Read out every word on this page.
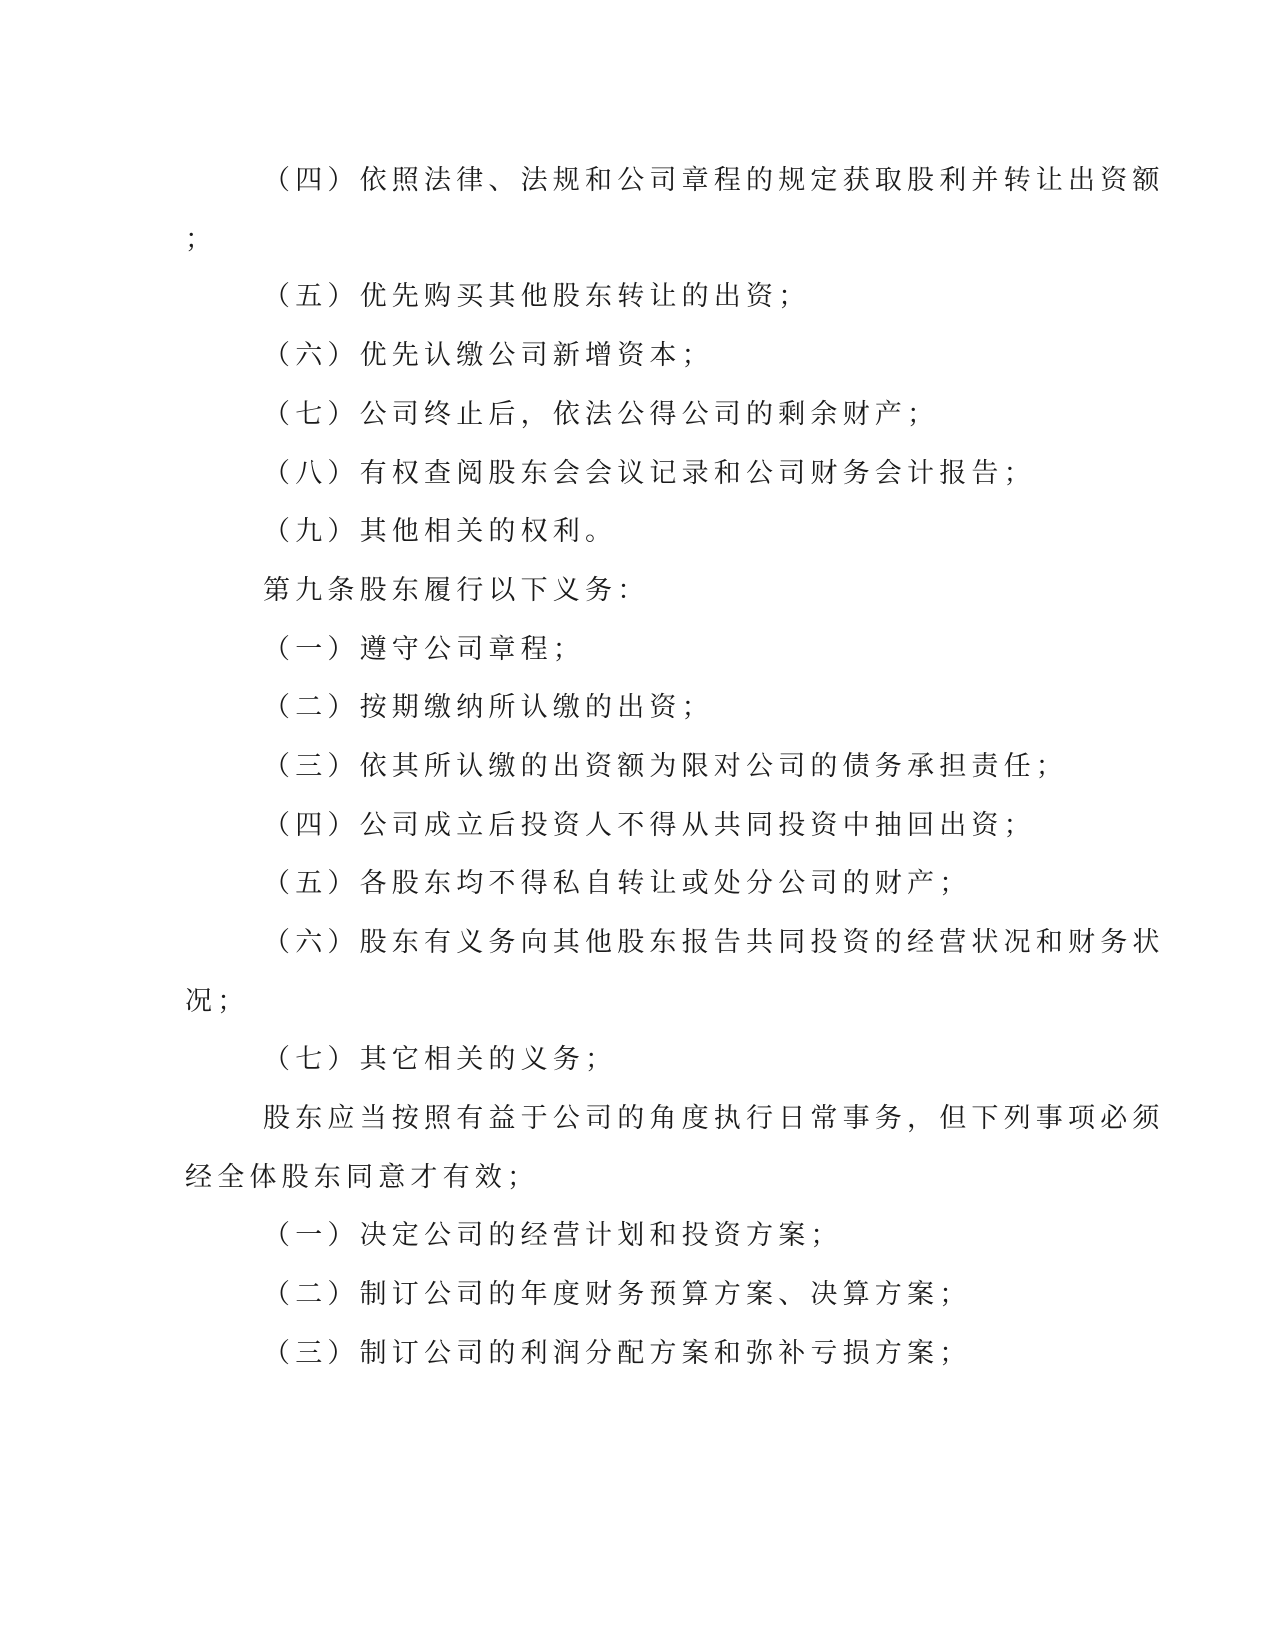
（四）依照法律、法规和公司章程的规定获取股利并转让出资额
；
（五）优先购买其他股东转让的出资；
（六）优先认缴公司新增资本；
（七）公司终止后，依法公得公司的剩余财产；
（八）有权查阅股东会会议记录和公司财务会计报告；
（九）其他相关的权利。
第九条股东履行以下义务：
（一）遵守公司章程；
（二）按期缴纳所认缴的出资；
（三）依其所认缴的出资额为限对公司的债务承担责任；
（四）公司成立后投资人不得从共同投资中抽回出资；
（五）各股东均不得私自转让或处分公司的财产；
（六）股东有义务向其他股东报告共同投资的经营状况和财务状
况；
（七）其它相关的义务；
股东应当按照有益于公司的角度执行日常事务，但下列事项必须
经全体股东同意才有效；
（一）决定公司的经营计划和投资方案；
（二）制订公司的年度财务预算方案、决算方案；
（三）制订公司的利润分配方案和弥补亏损方案；
